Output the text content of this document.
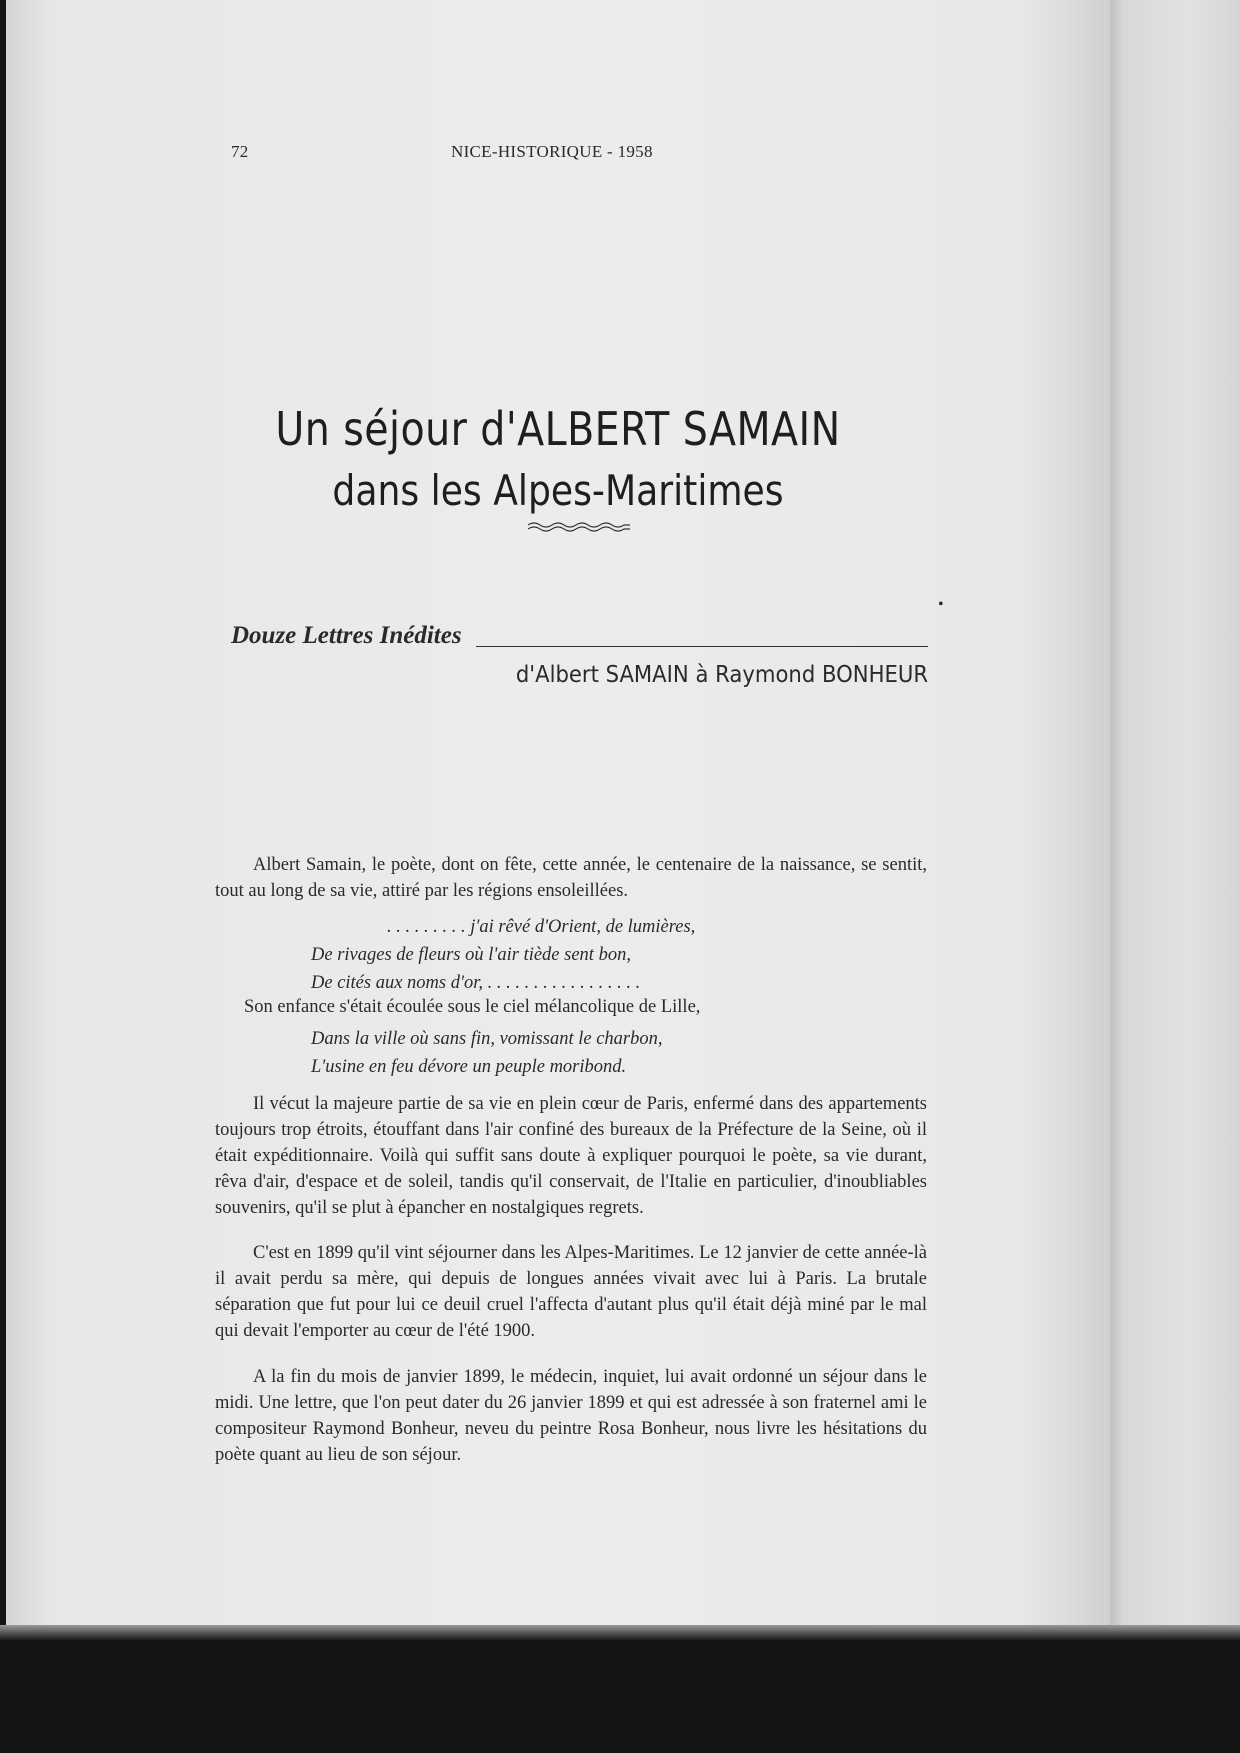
72	NICE-HISTORIQUE - 1958
Un séjour d'ALBERT SAMAIN
dans les Alpes-Maritimes
•
Douze Lettres Inédites
d'Albert SAMAIN à Raymond BONHEUR

Albert Samain, le poète, dont on fête, cette année, le centenaire de la naissance, se sentit, tout au long de sa vie, attiré par les régions ensoleillées.

. . . . . . . . . j'ai rêvé d'Orient, de lumières,

De rivages de fleurs où l'air tiède sent bon,

De cités aux noms d'or, . . . . . . . . . . . . . . . . .

Son enfance s'était écoulée sous le ciel mélancolique de Lille,

Dans la ville où sans fin, vomissant le charbon,

L'usine en feu dévore un peuple moribond.

Il vécut la majeure partie de sa vie en plein cœur de Paris, enfermé dans des appartements toujours trop étroits, étouffant dans l'air confiné des bureaux de la Préfecture de la Seine, où il était expéditionnaire. Voilà qui suffit sans doute à expliquer pourquoi le poète, sa vie durant, rêva d'air, d'espace et de soleil, tandis qu'il conservait, de l'Italie en particulier, d'inoubliables souvenirs, qu'il se plut à épancher en nostalgiques regrets.

C'est en 1899 qu'il vint séjourner dans les Alpes-Maritimes. Le 12 janvier de cette année-là il avait perdu sa mère, qui depuis de longues années vivait avec lui à Paris. La brutale séparation que fut pour lui ce deuil cruel l'affecta d'autant plus qu'il était déjà miné par le mal qui devait l'emporter au cœur de l'été 1900.

A la fin du mois de janvier 1899, le médecin, inquiet, lui avait ordonné un séjour dans le midi. Une lettre, que l'on peut dater du 26 janvier 1899 et qui est adressée à son fraternel ami le compositeur Raymond Bonheur, neveu du peintre Rosa Bonheur, nous livre les hésitations du poète quant au lieu de son séjour.
